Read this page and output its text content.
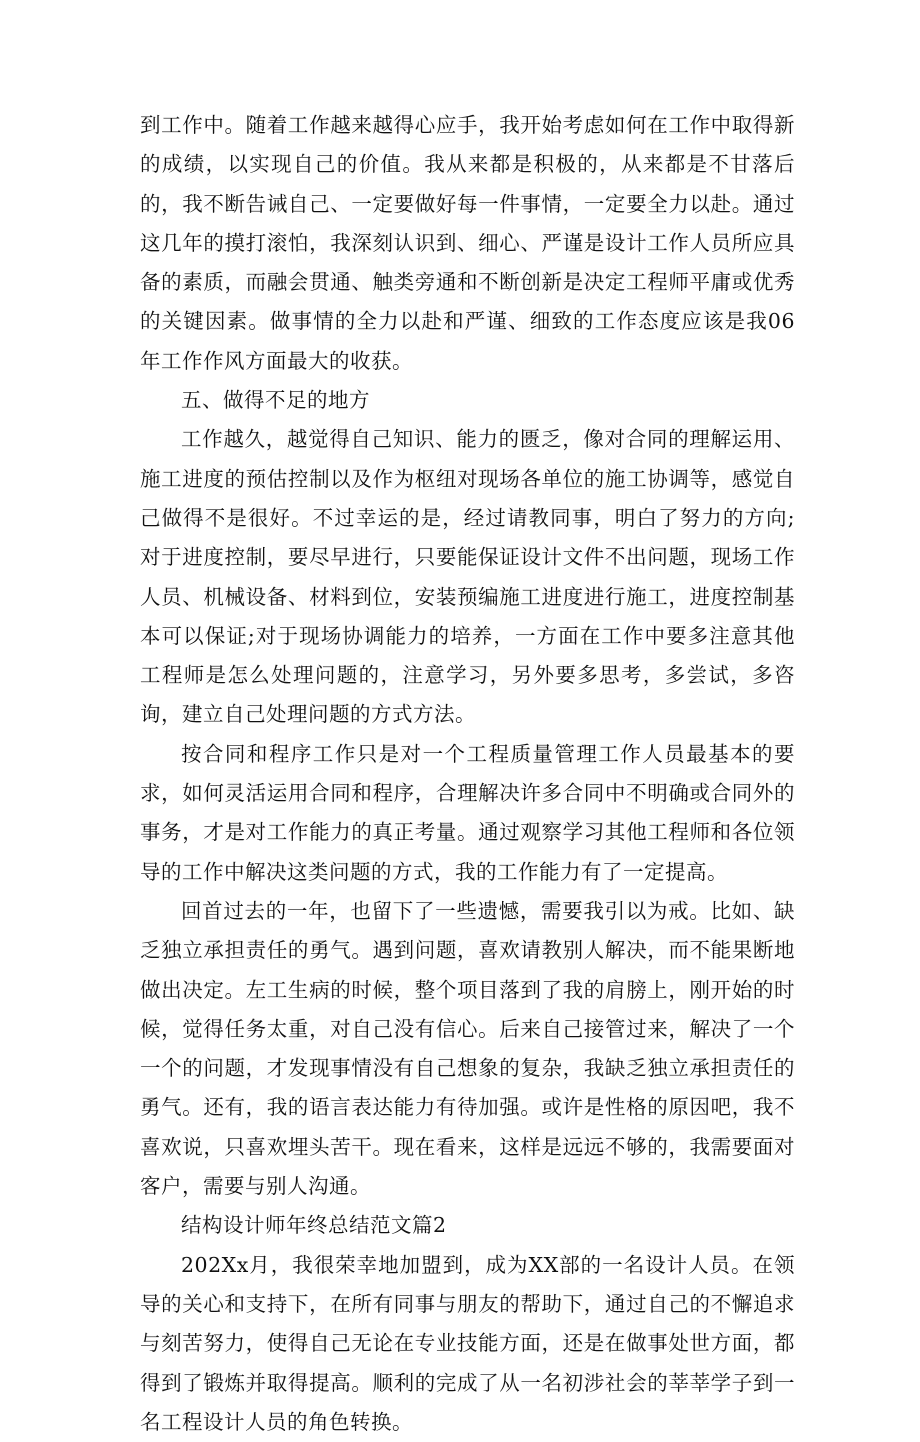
到工作中。随着工作越来越得心应手，我开始考虑如何在工作中取得新的成绩，以实现自己的价值。我从来都是积极的，从来都是不甘落后的，我不断告诫自己、一定要做好每一件事情，一定要全力以赴。通过这几年的摸打滚怕，我深刻认识到、细心、严谨是设计工作人员所应具备的素质，而融会贯通、触类旁通和不断创新是决定工程师平庸或优秀的关键因素。做事情的全力以赴和严谨、细致的工作态度应该是我06年工作作风方面最大的收获。

五、做得不足的地方

工作越久，越觉得自己知识、能力的匮乏，像对合同的理解运用、施工进度的预估控制以及作为枢纽对现场各单位的施工协调等，感觉自己做得不是很好。不过幸运的是，经过请教同事，明白了努力的方向;对于进度控制，要尽早进行，只要能保证设计文件不出问题，现场工作人员、机械设备、材料到位，安装预编施工进度进行施工，进度控制基本可以保证;对于现场协调能力的培养，一方面在工作中要多注意其他工程师是怎么处理问题的，注意学习，另外要多思考，多尝试，多咨询，建立自己处理问题的方式方法。

按合同和程序工作只是对一个工程质量管理工作人员最基本的要求，如何灵活运用合同和程序，合理解决许多合同中不明确或合同外的事务，才是对工作能力的真正考量。通过观察学习其他工程师和各位领导的工作中解决这类问题的方式，我的工作能力有了一定提高。

回首过去的一年，也留下了一些遗憾，需要我引以为戒。比如、缺乏独立承担责任的勇气。遇到问题，喜欢请教别人解决，而不能果断地做出决定。左工生病的时候，整个项目落到了我的肩膀上，刚开始的时候，觉得任务太重，对自己没有信心。后来自己接管过来，解决了一个一个的问题，才发现事情没有自己想象的复杂，我缺乏独立承担责任的勇气。还有，我的语言表达能力有待加强。或许是性格的原因吧，我不喜欢说，只喜欢埋头苦干。现在看来，这样是远远不够的，我需要面对客户，需要与别人沟通。

结构设计师年终总结范文篇2

202Xx月，我很荣幸地加盟到，成为XX部的一名设计人员。在领导的关心和支持下，在所有同事与朋友的帮助下，通过自己的不懈追求与刻苦努力，使得自己无论在专业技能方面，还是在做事处世方面，都得到了锻炼并取得提高。顺利的完成了从一名初涉社会的莘莘学子到一名工程设计人员的角色转换。
